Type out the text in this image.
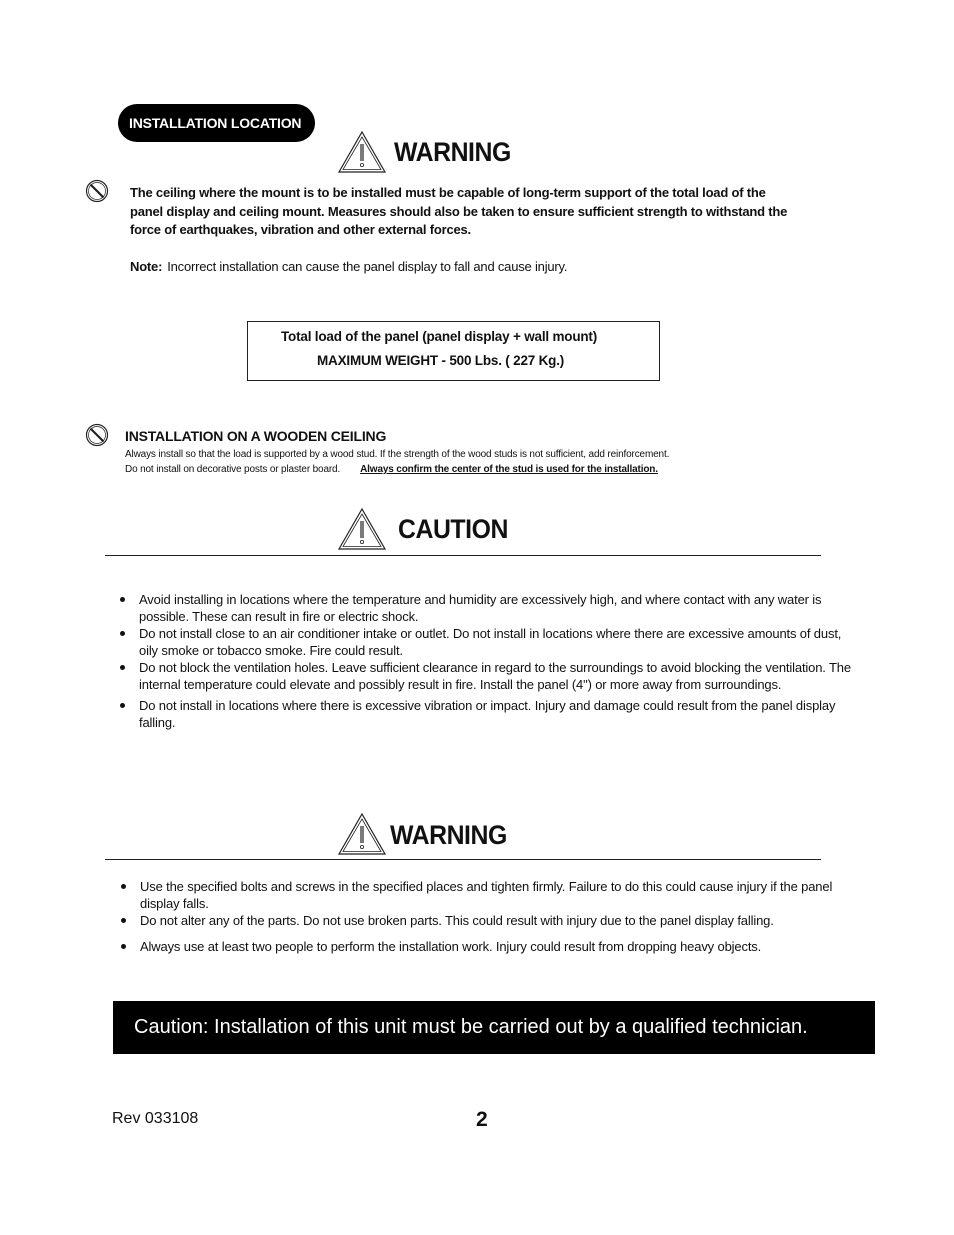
INSTALLATION LOCATION
WARNING
The ceiling where the mount is to be installed must be capable of long-term support of the total load of the panel display and ceiling mount. Measures should also be taken to ensure sufficient strength to withstand the force of earthquakes, vibration and other external forces.
Note: Incorrect installation can cause the panel display to fall and cause injury.
Total load of the panel (panel display + wall mount)
MAXIMUM WEIGHT - 500 Lbs. ( 227 Kg.)
INSTALLATION ON A WOODEN CEILING
Always install so that the load is supported by a wood stud. If the strength of the wood studs is not sufficient, add reinforcement.
Do not install on decorative posts or plaster board. Always confirm the center of the stud is used for the installation.
CAUTION
Avoid installing in locations where the temperature and humidity are excessively high, and where contact with any water is possible. These can result in fire or electric shock.
Do not install close to an air conditioner intake or outlet. Do not install in locations where there are excessive amounts of dust, oily smoke or tobacco smoke. Fire could result.
Do not block the ventilation holes. Leave sufficient clearance in regard to the surroundings to avoid blocking the ventilation. The internal temperature could elevate and possibly result in fire. Install the panel (4") or more away from surroundings.
Do not install in locations where there is excessive vibration or impact. Injury and damage could result from the panel display falling.
WARNING
Use the specified bolts and screws in the specified places and tighten firmly. Failure to do this could cause injury if the panel display falls.
Do not alter any of the parts. Do not use broken parts. This could result with injury due to the panel display falling.
Always use at least two people to perform the installation work. Injury could result from dropping heavy objects.
Caution: Installation of this unit must be carried out by a qualified technician.
Rev 033108	2
